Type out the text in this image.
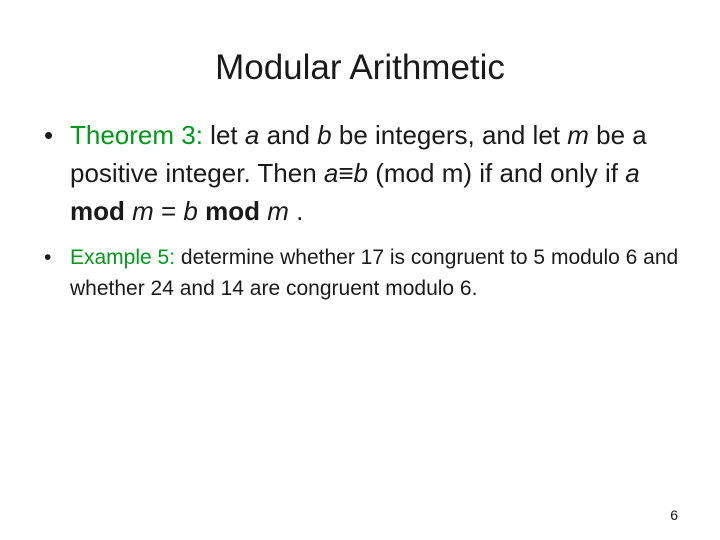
Modular Arithmetic
• Theorem 3: let a and b be integers, and let m be a positive integer. Then a≡b (mod m) if and only if a mod m = b mod m .
• Example 5: determine whether 17 is congruent to 5 modulo 6 and whether 24 and 14 are congruent modulo 6.
6
